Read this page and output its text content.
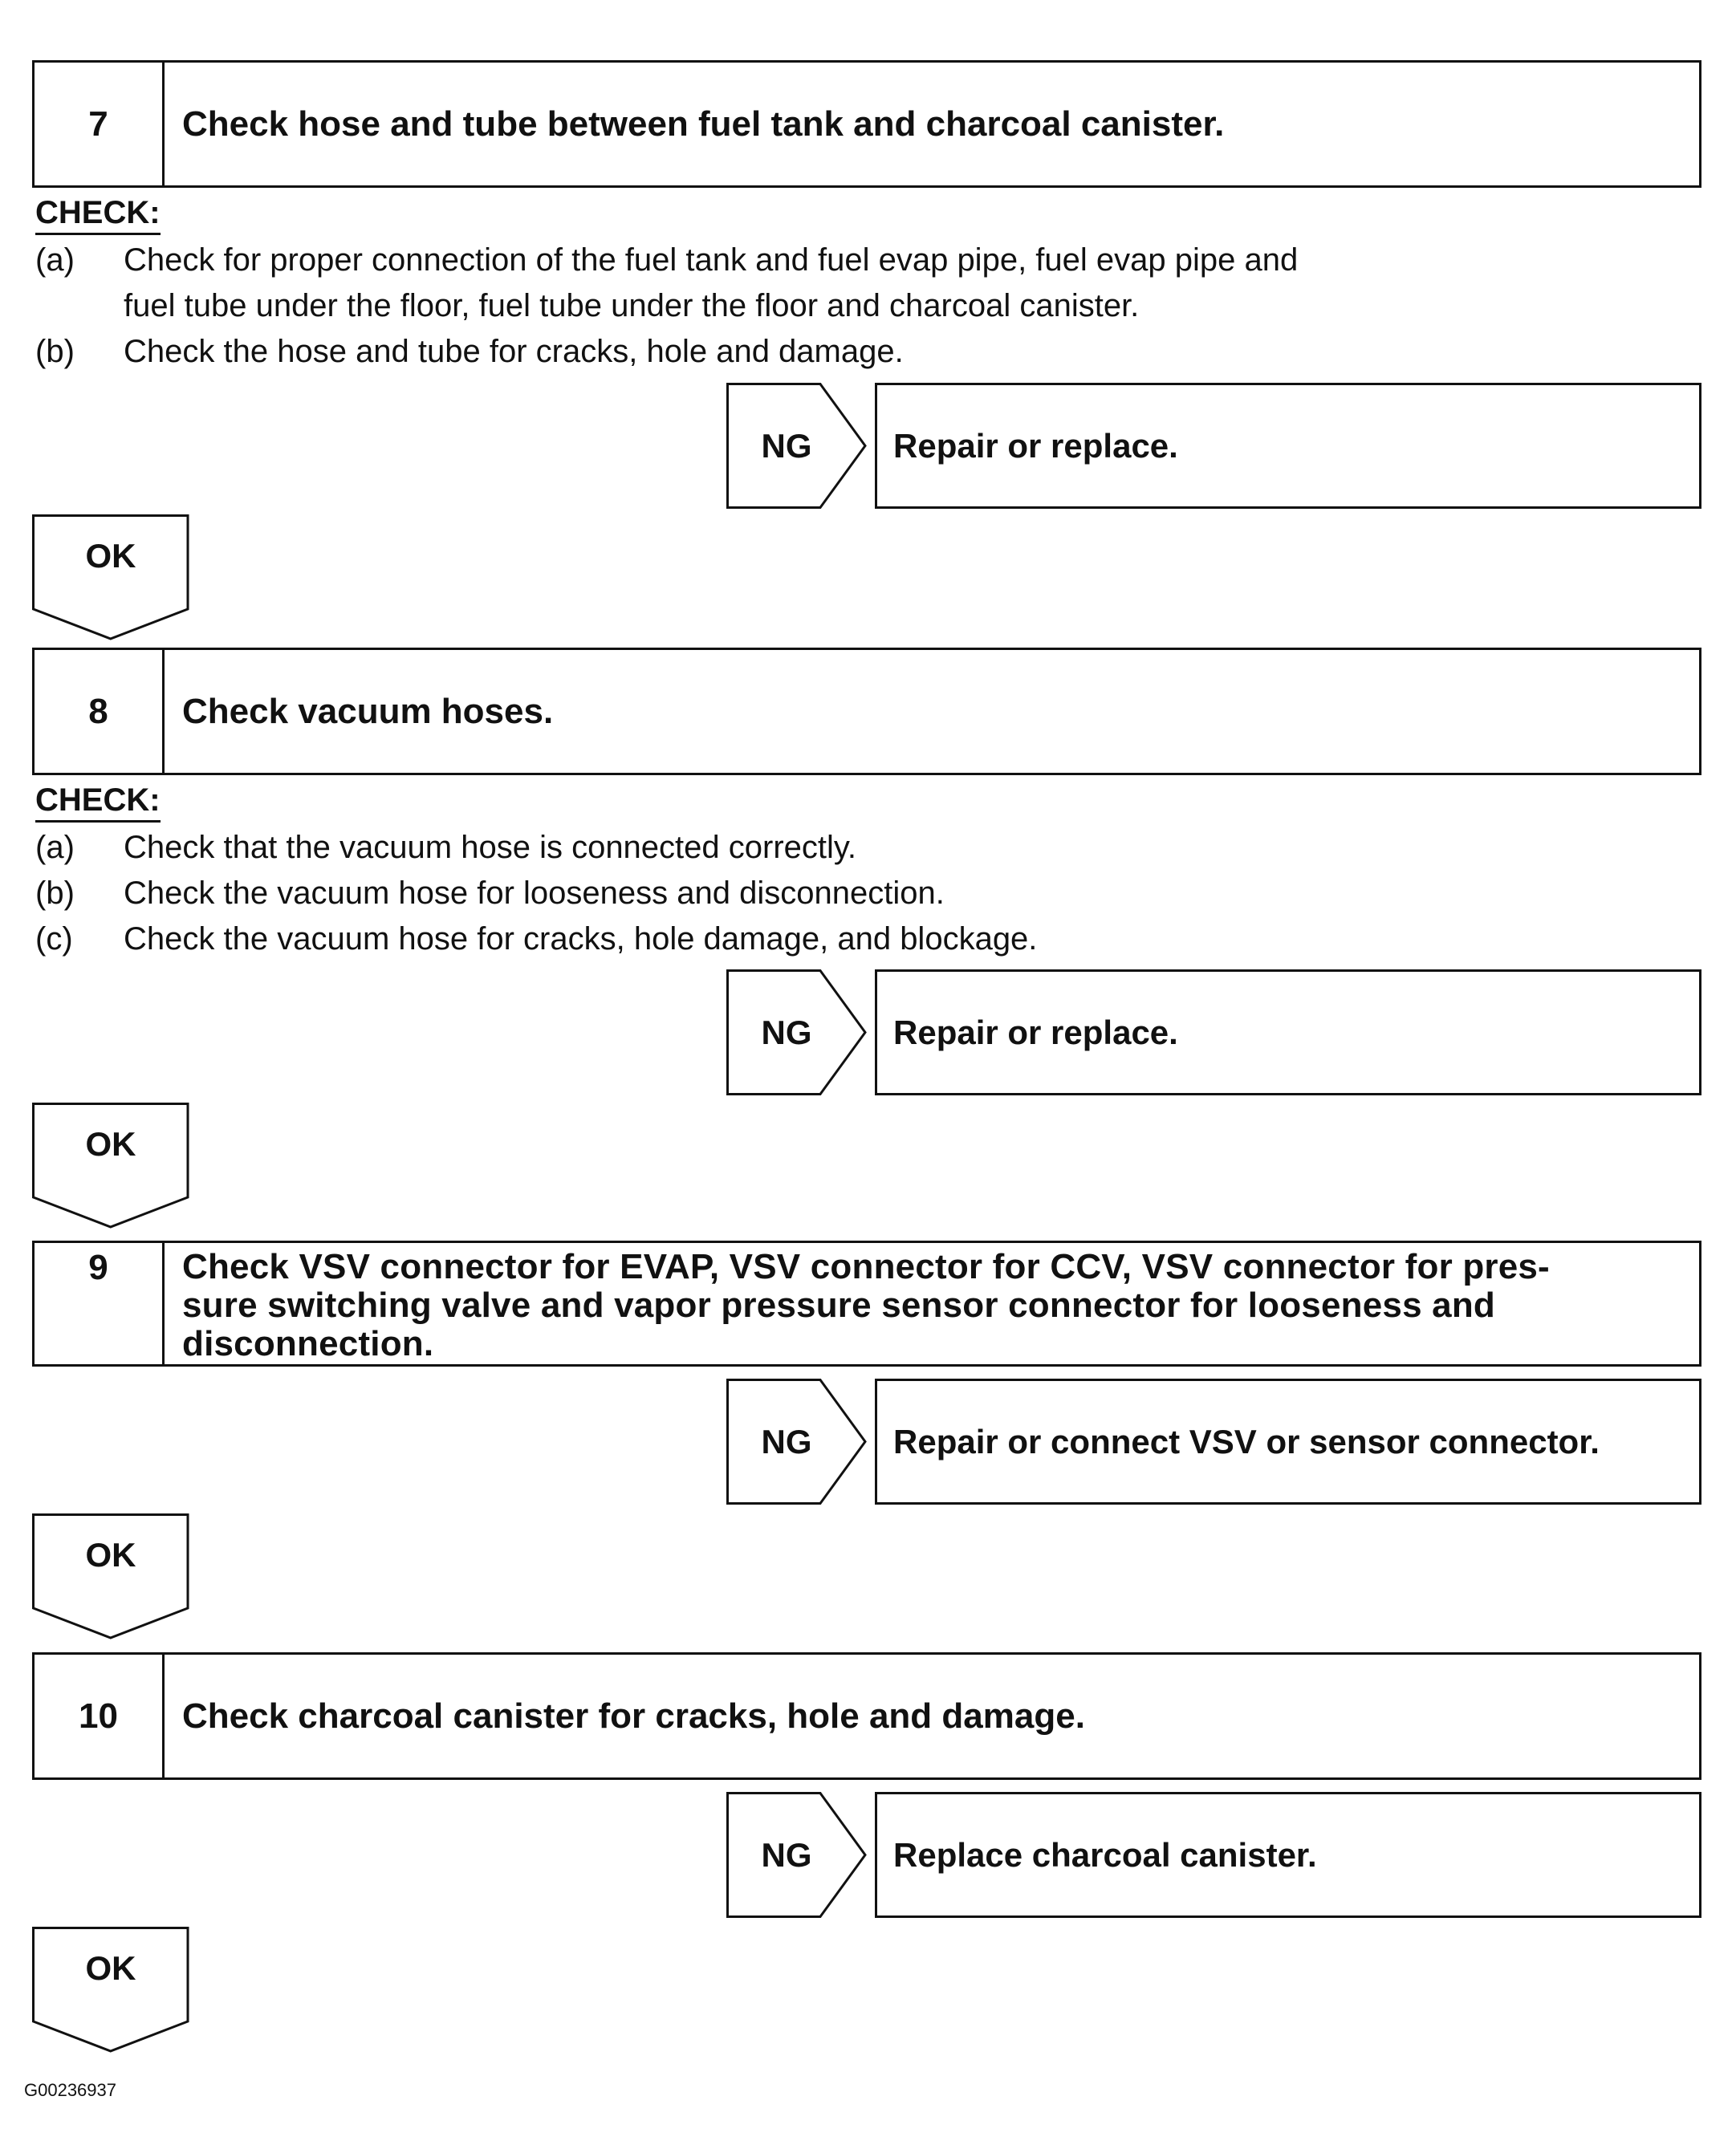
7	Check hose and tube between fuel tank and charcoal canister.
CHECK:
(a) Check for proper connection of the fuel tank and fuel evap pipe, fuel evap pipe and
fuel tube under the floor, fuel tube under the floor and charcoal canister.
(b) Check the hose and tube for cracks, hole and damage.
NG	Repair or replace.
OK
8	Check vacuum hoses.
CHECK:
(a) Check that the vacuum hose is connected correctly.
(b) Check the vacuum hose for looseness and disconnection.
(c) Check the vacuum hose for cracks, hole damage, and blockage.
NG	Repair or replace.
OK
9	Check VSV connector for EVAP, VSV connector for CCV, VSV connector for pres-
sure switching valve and vapor pressure sensor connector for looseness and
disconnection.
NG	Repair or connect VSV or sensor connector.
OK
10	Check charcoal canister for cracks, hole and damage.
NG	Replace charcoal canister.
OK
G00236937
